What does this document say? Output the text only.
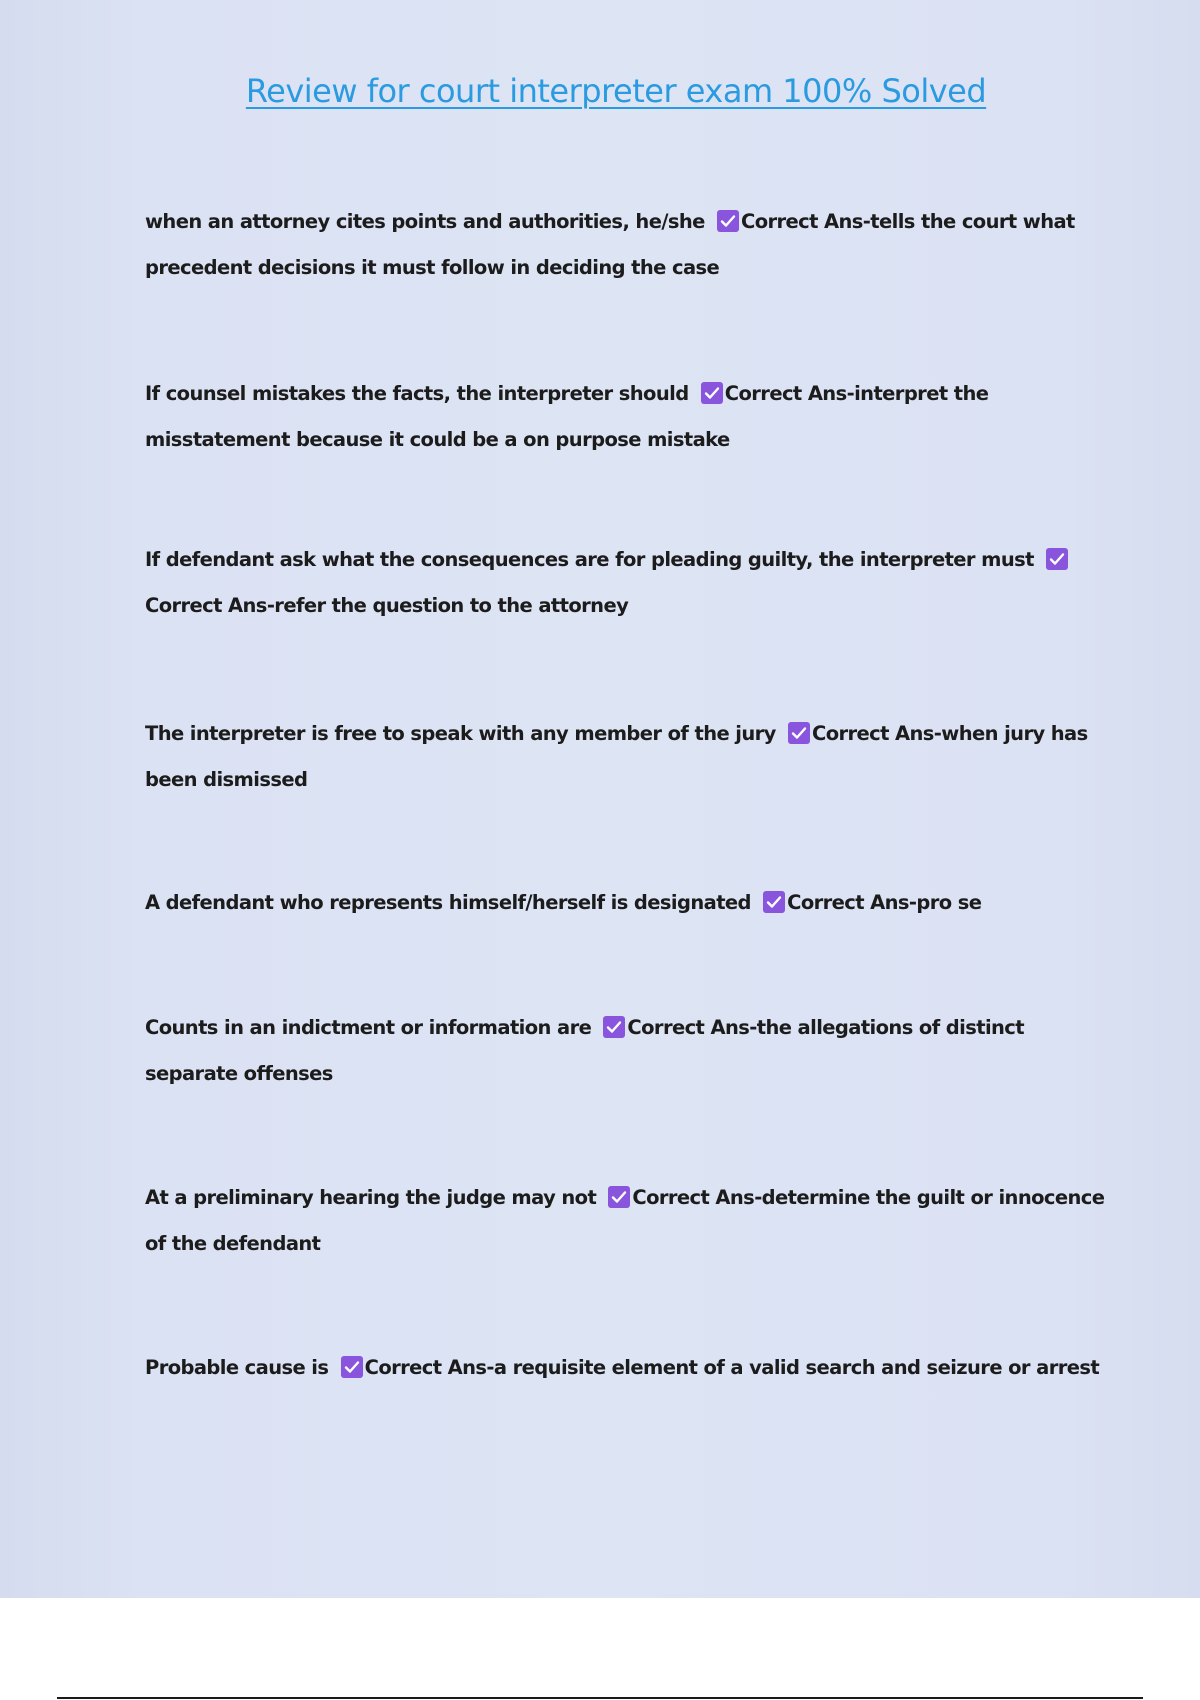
Review for court interpreter exam 100% Solved

when an attorney cites points and authorities, he/she Correct Ans-tells the court what precedent decisions it must follow in deciding the case

If counsel mistakes the facts, the interpreter should Correct Ans-interpret the misstatement because it could be a on purpose mistake

If defendant ask what the consequences are for pleading guilty, the interpreter must
Correct Ans-refer the question to the attorney

The interpreter is free to speak with any member of the jury Correct Ans-when jury has been dismissed

A defendant who represents himself/herself is designated Correct Ans-pro se

Counts in an indictment or information are Correct Ans-the allegations of distinct separate offenses

At a preliminary hearing the judge may not Correct Ans-determine the guilt or innocence of the defendant

Probable cause is Correct Ans-a requisite element of a valid search and seizure or arrest
